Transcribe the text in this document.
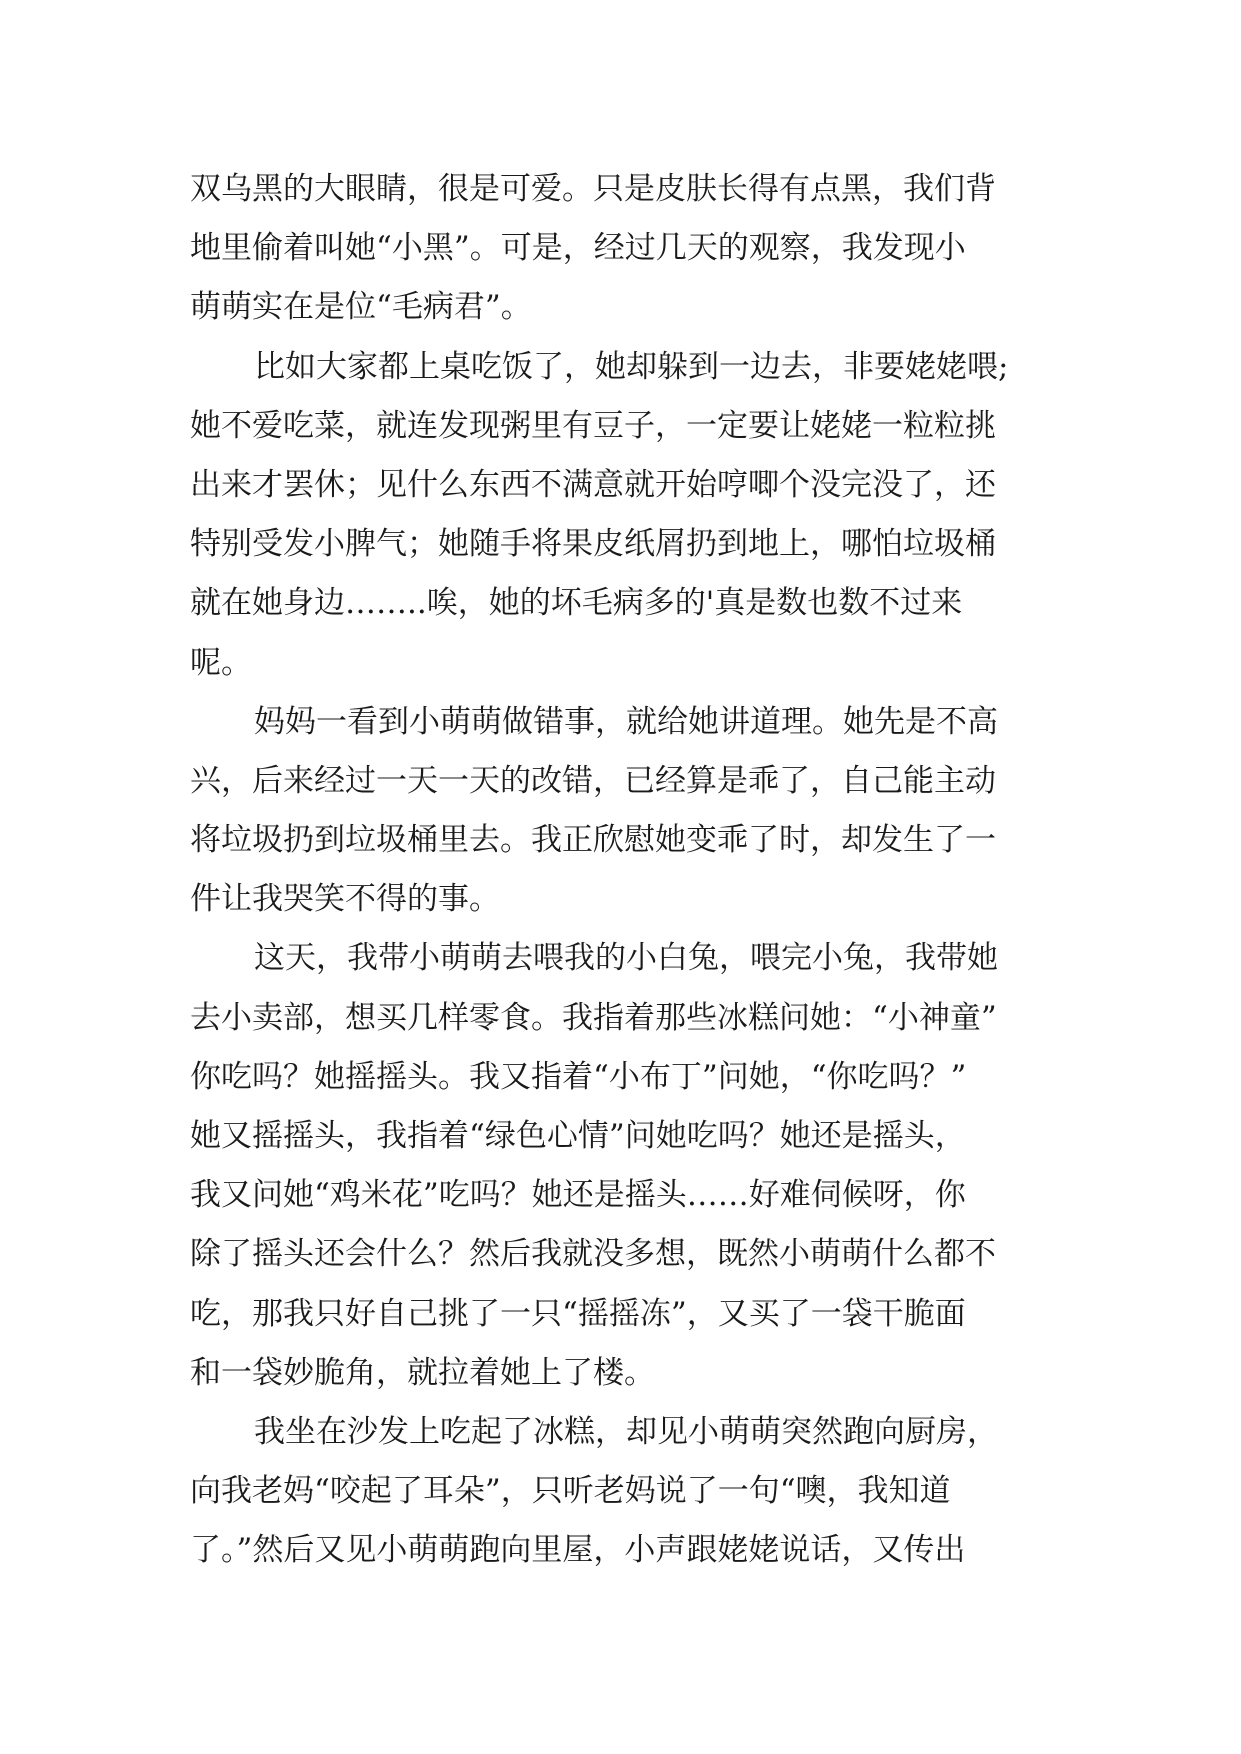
双乌黑的大眼睛，很是可爱。只是皮肤长得有点黑，我们背
地里偷着叫她“小黑”。可是，经过几天的观察，我发现小
萌萌实在是位“毛病君”。
比如大家都上桌吃饭了，她却躲到一边去，非要姥姥喂;
她不爱吃菜，就连发现粥里有豆子，一定要让姥姥一粒粒挑
出来才罢休；见什么东西不满意就开始哼唧个没完没了，还
特别受发小脾气；她随手将果皮纸屑扔到地上，哪怕垃圾桶
就在她身边……..唉，她的坏毛病多的'真是数也数不过来
呢。
妈妈一看到小萌萌做错事，就给她讲道理。她先是不高
兴，后来经过一天一天的改错，已经算是乖了，自己能主动
将垃圾扔到垃圾桶里去。我正欣慰她变乖了时，却发生了一
件让我哭笑不得的事。
这天，我带小萌萌去喂我的小白兔，喂完小兔，我带她
去小卖部，想买几样零食。我指着那些冰糕问她：“小神童”
你吃吗？她摇摇头。我又指着“小布丁”问她，“你吃吗？”
她又摇摇头，我指着“绿色心情”问她吃吗？她还是摇头，
我又问她“鸡米花”吃吗？她还是摇头……好难伺候呀，你
除了摇头还会什么？然后我就没多想，既然小萌萌什么都不
吃，那我只好自己挑了一只“摇摇冻”，又买了一袋干脆面
和一袋妙脆角，就拉着她上了楼。
我坐在沙发上吃起了冰糕，却见小萌萌突然跑向厨房，
向我老妈“咬起了耳朵”，只听老妈说了一句“噢，我知道
了。”然后又见小萌萌跑向里屋，小声跟姥姥说话，又传出
